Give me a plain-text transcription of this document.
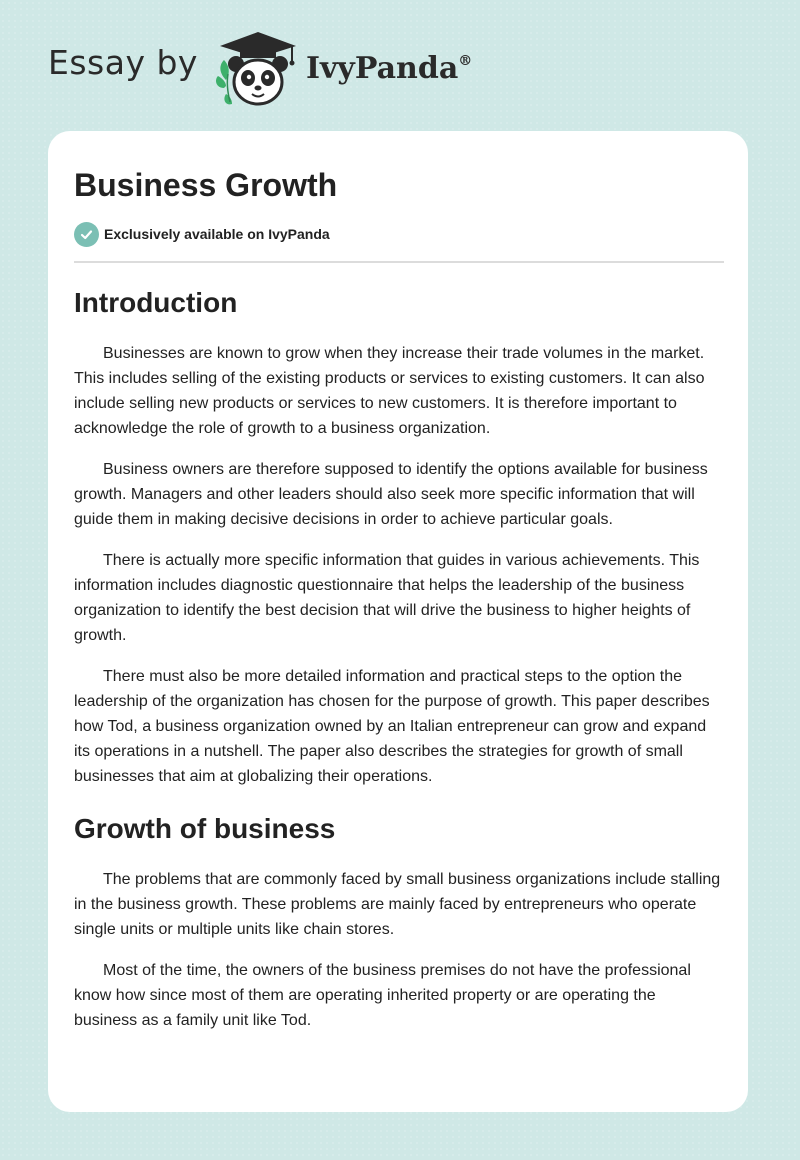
Essay by	IvyPanda®
Business Growth
Exclusively available on IvyPanda
Introduction

Businesses are known to grow when they increase their trade volumes in the market. This includes selling of the existing products or services to existing customers. It can also include selling new products or services to new customers. It is therefore important to acknowledge the role of growth to a business organization.

Business owners are therefore supposed to identify the options available for business growth. Managers and other leaders should also seek more specific information that will guide them in making decisive decisions in order to achieve particular goals.

There is actually more specific information that guides in various achievements. This information includes diagnostic questionnaire that helps the leadership of the business organization to identify the best decision that will drive the business to higher heights of growth.

There must also be more detailed information and practical steps to the option the leadership of the organization has chosen for the purpose of growth. This paper describes how Tod, a business organization owned by an Italian entrepreneur can grow and expand its operations in a nutshell. The paper also describes the strategies for growth of small businesses that aim at globalizing their operations.

Growth of business

The problems that are commonly faced by small business organizations include stalling in the business growth. These problems are mainly faced by entrepreneurs who operate single units or multiple units like chain stores.

Most of the time, the owners of the business premises do not have the professional know how since most of them are operating inherited property or are operating the business as a family unit like Tod.
